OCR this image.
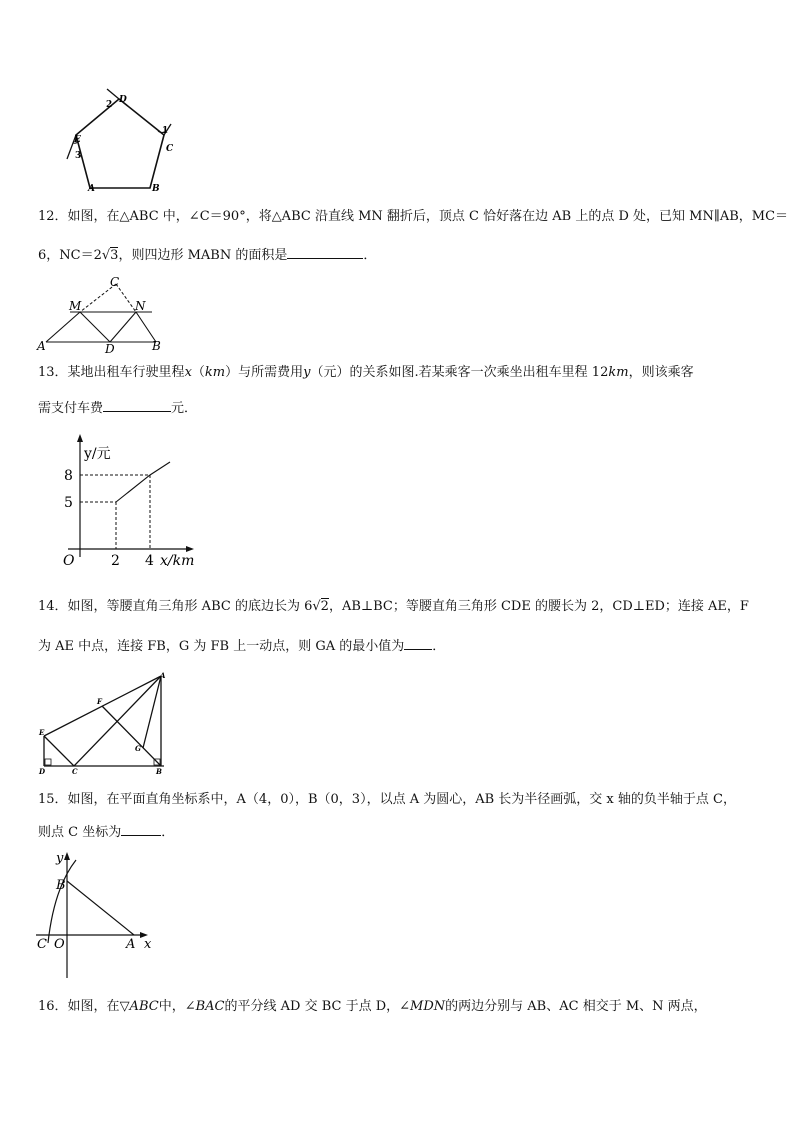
D
2
1
C
E
3
A	B
12．如图，在△ABC 中，∠C＝90°，将△ABC 沿直线 MN 翻折后，顶点 C 恰好落在边 AB 上的点 D 处，已知 MN∥AB，MC＝
6，NC＝2√3，则四边形 MABN 的面积是	．
C
M	N
A	D	B
13．某地出租车行驶里程x（km）与所需费用y（元）的关系如图.若某乘客一次乘坐出租车里程 12km，则该乘客
需支付车费	元．
y/元
8
5
O	2 4 x/km
14．如图，等腰直角三角形 ABC 的底边长为 6√2，AB⊥BC；等腰直角三角形 CDE 的腰长为 2，CD⊥ED；连接 AE，F
为 AE 中点，连接 FB，G 为 FB 上一动点，则 GA 的最小值为 ．
A
F
E
G
D	C	B
15．如图，在平面直角坐标系中，A（4，0），B（0，3），以点 A 为圆心，AB 长为半径画弧，交 x 轴的负半轴于点 C，
则点 C 坐标为	．
y
B
C O	A x
16．如图，在▽ABC中，∠BAC的平分线 AD 交 BC 于点 D，∠MDN的两边分别与 AB、AC 相交于 M、N 两点，
